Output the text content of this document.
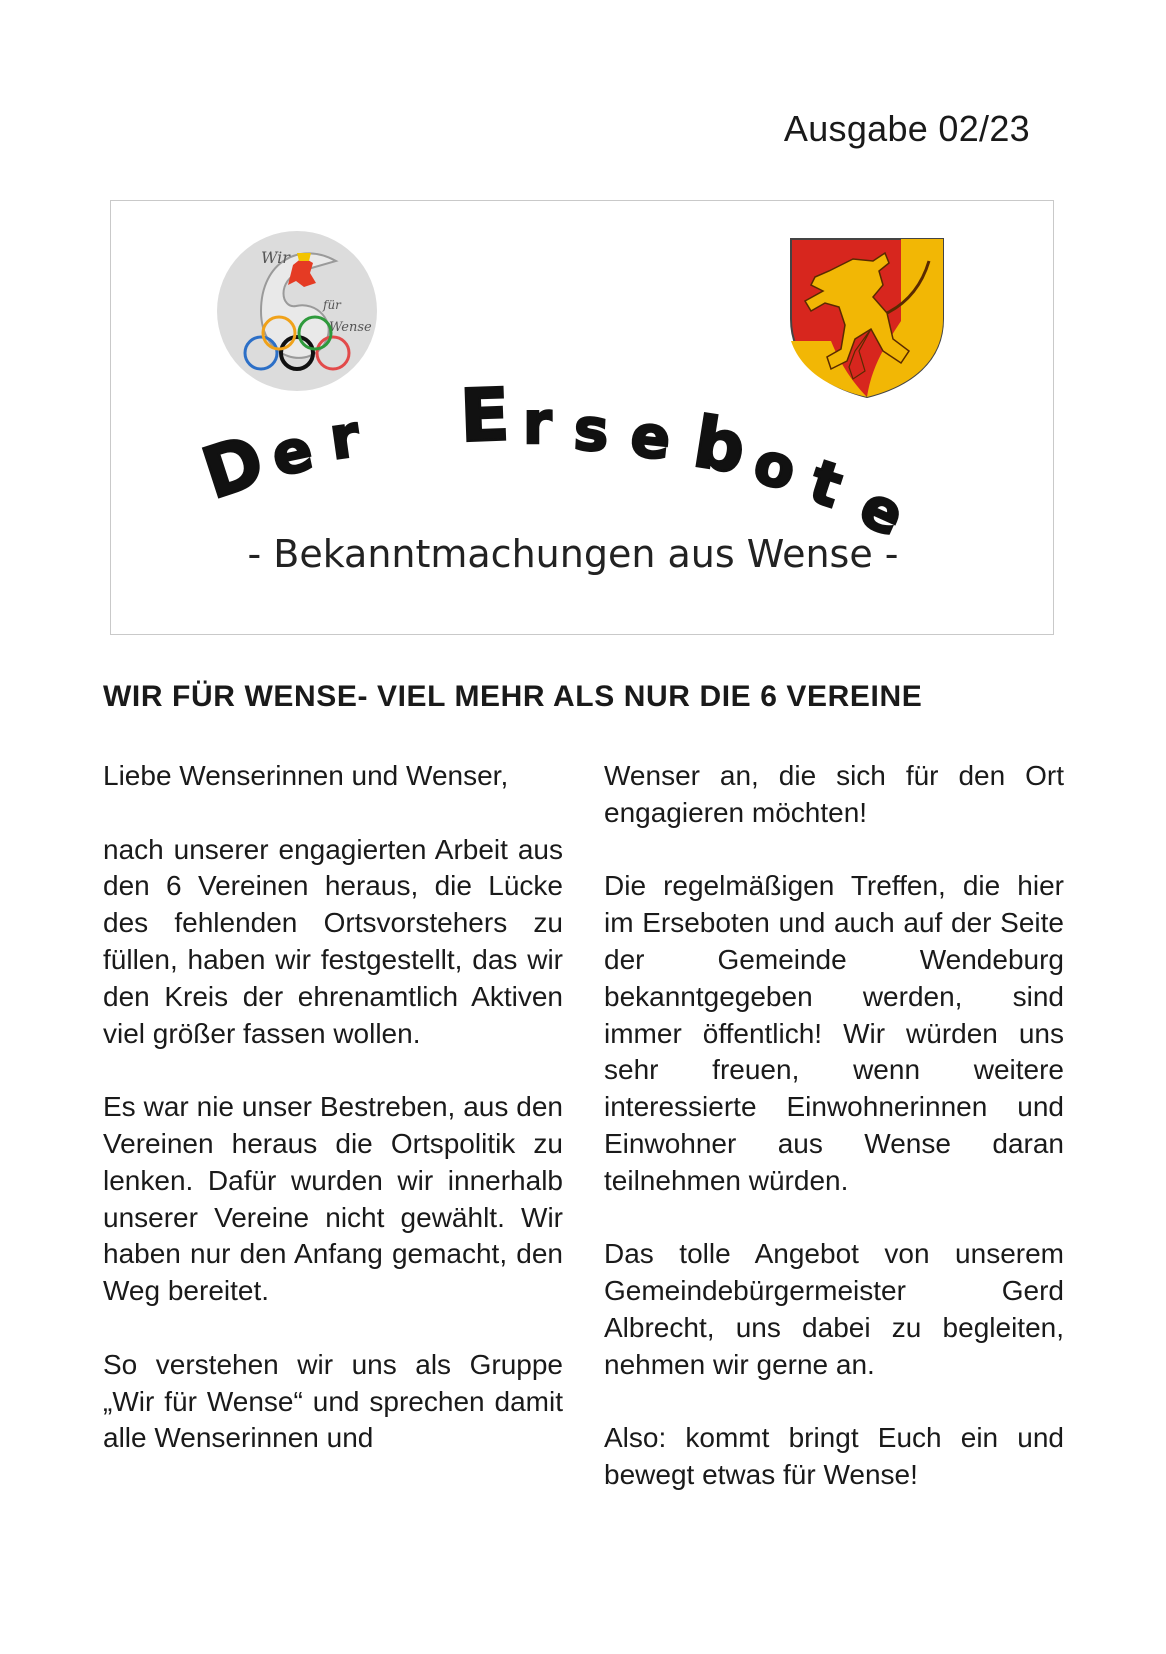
Ausgabe 02/23
Wir
für
Wense
D
e r E r s e b
o t e
- Bekanntmachungen aus Wense -
WIR FÜR WENSE- VIEL MEHR ALS NUR DIE 6 VEREINE

Liebe Wenserinnen und Wenser,

nach unserer engagierten Arbeit aus den 6 Vereinen heraus, die Lücke des fehlenden Ortsvorstehers zu füllen, haben wir festgestellt, das wir den Kreis der ehrenamtlich Aktiven viel größer fassen wollen.

Es war nie unser Bestreben, aus den Vereinen heraus die Ortspolitik zu lenken. Dafür wurden wir innerhalb unserer Vereine nicht gewählt. Wir haben nur den Anfang gemacht, den Weg bereitet.

So verstehen wir uns als Gruppe „Wir für Wense“ und sprechen damit alle Wenserinnen und

Wenser an, die sich für den Ort engagieren möchten!

Die regelmäßigen Treffen, die hier im Erseboten und auch auf der Seite der Gemeinde Wendeburg bekanntgegeben werden, sind immer öffentlich! Wir würden uns sehr freuen, wenn weitere interessierte Einwohnerinnen und Einwohner aus Wense daran teilnehmen würden.

Das tolle Angebot von unserem Gemeindebürgermeister Gerd Albrecht, uns dabei zu begleiten, nehmen wir gerne an.

Also: kommt bringt Euch ein und bewegt etwas für Wense!
